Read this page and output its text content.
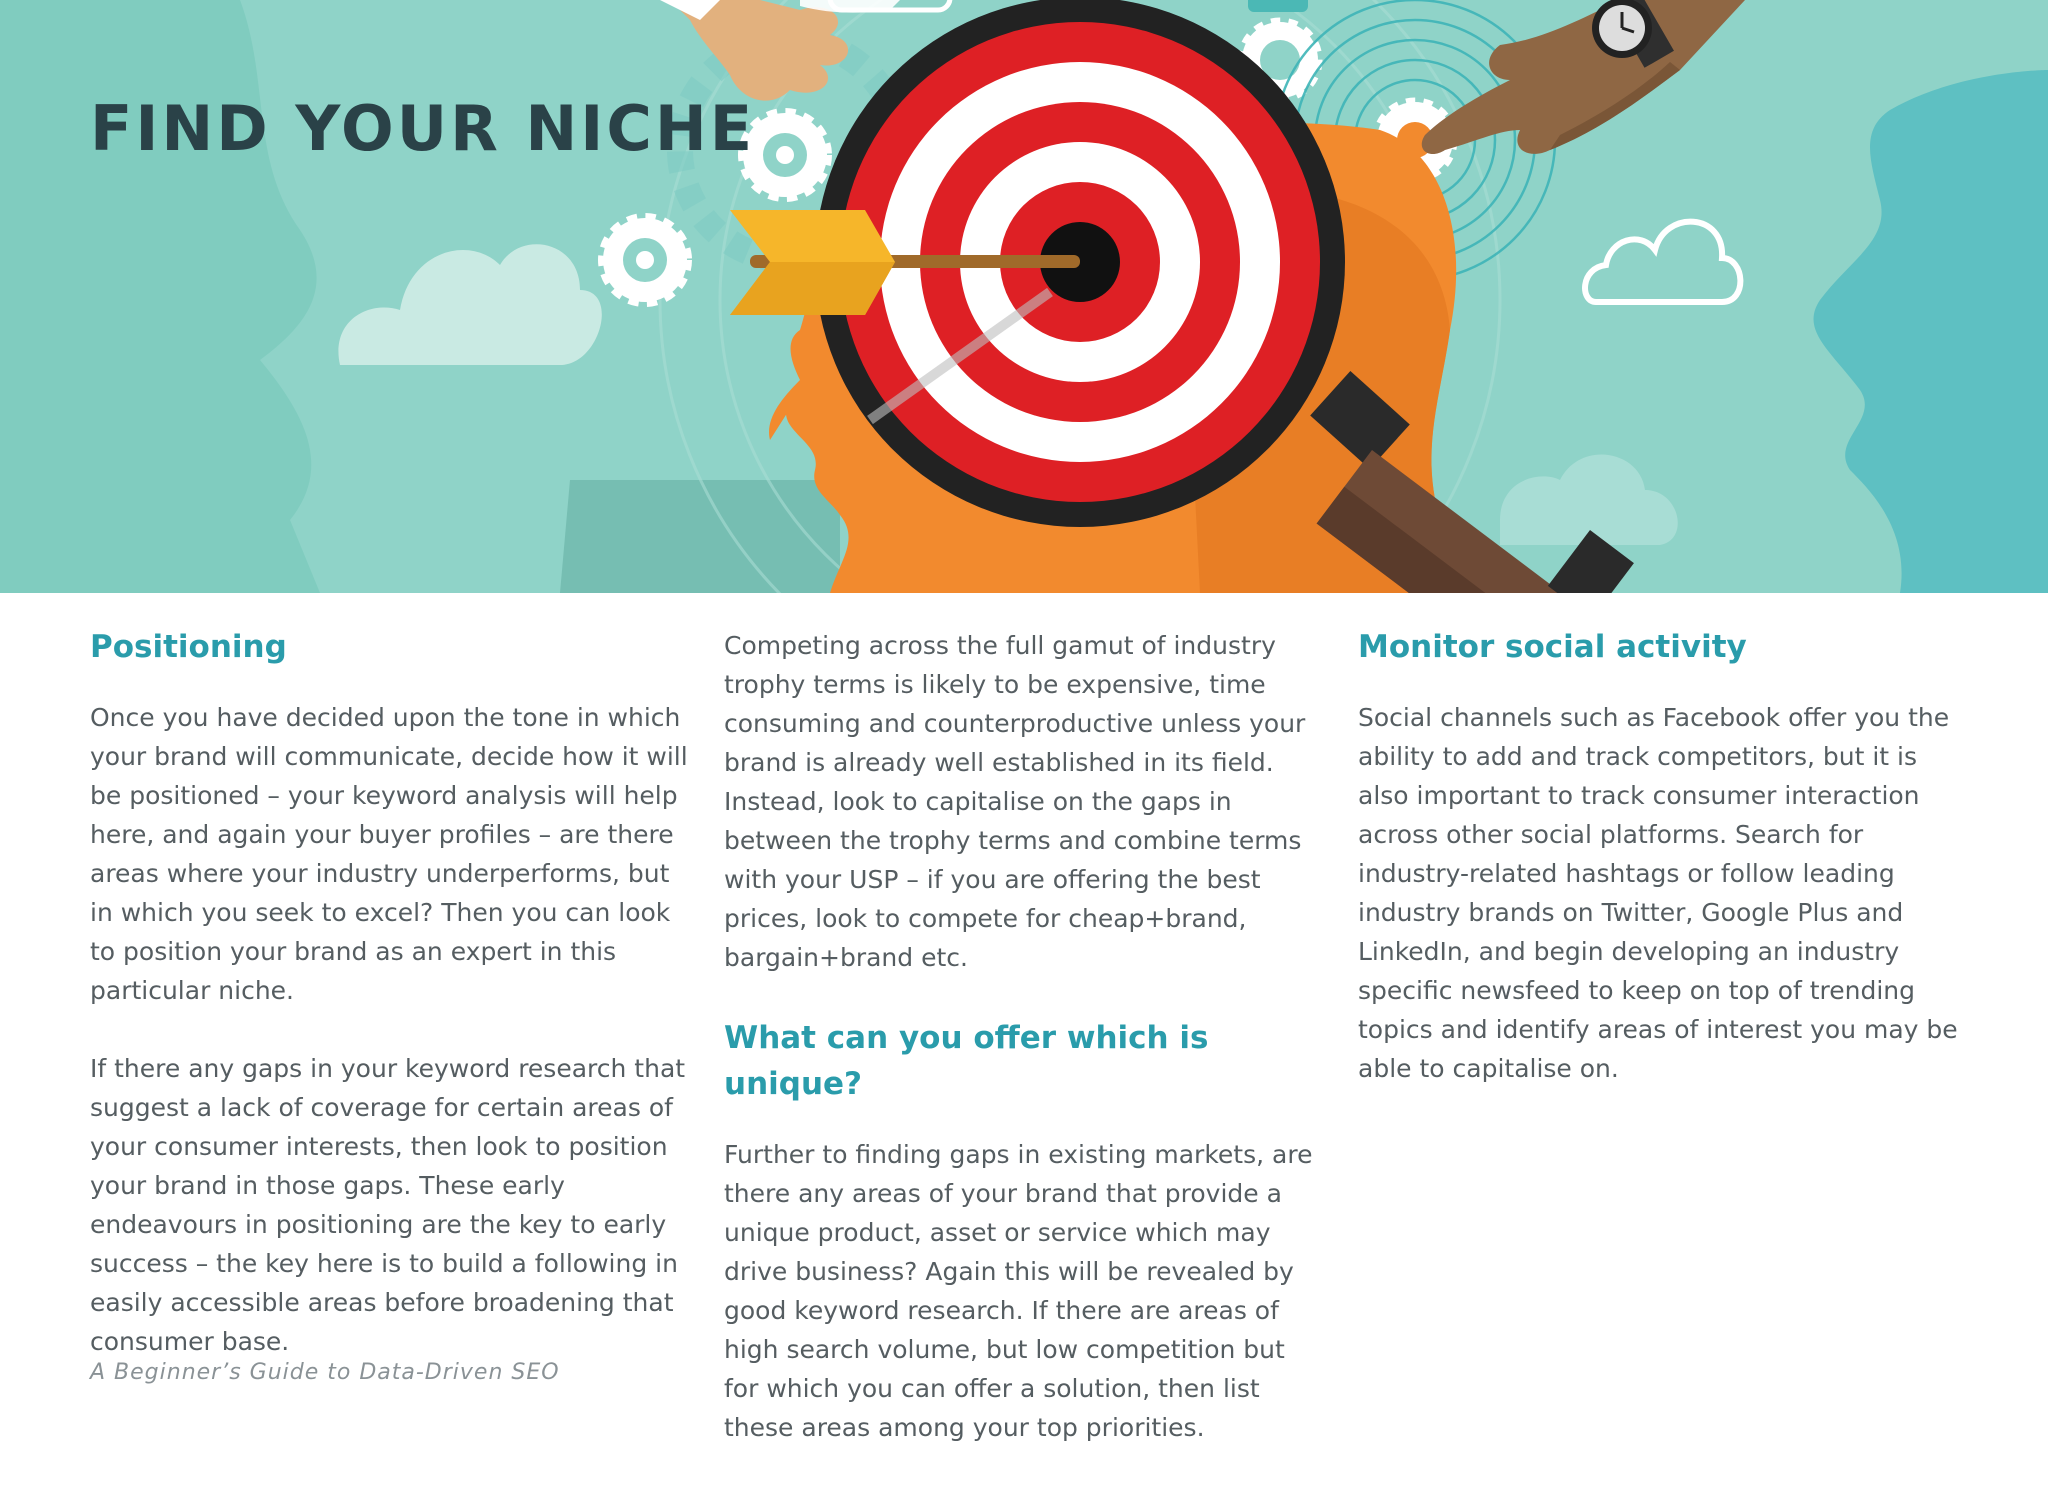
FIND YOUR NICHE
Positioning

Once you have decided upon the tone in which your brand will communicate, decide how it will be positioned – your keyword analysis will help here, and again your buyer profiles – are there areas where your industry underperforms, but in which you seek to excel? Then you can look to position your brand as an expert in this particular niche.

If there any gaps in your keyword research that suggest a lack of coverage for certain areas of your consumer interests, then look to position your brand in those gaps. These early endeavours in positioning are the key to early success – the key here is to build a following in easily accessible areas before broadening that consumer base.

Competing across the full gamut of industry trophy terms is likely to be expensive, time consuming and counterproductive unless your brand is already well established in its field. Instead, look to capitalise on the gaps in between the trophy terms and combine terms with your USP – if you are offering the best prices, look to compete for cheap+brand, bargain+brand etc.

What can you offer which is unique?

Further to finding gaps in existing markets, are there any areas of your brand that provide a unique product, asset or service which may drive business? Again this will be revealed by good keyword research. If there are areas of high search volume, but low competition but for which you can offer a solution, then list these areas among your top priorities.

Monitor social activity

Social channels such as Facebook offer you the ability to add and track competitors, but it is also important to track consumer interaction across other social platforms. Search for industry-related hashtags or follow leading industry brands on Twitter, Google Plus and LinkedIn, and begin developing an industry specific newsfeed to keep on top of trending topics and identify areas of interest you may be able to capitalise on.

A Beginner’s Guide to Data-Driven SEO
